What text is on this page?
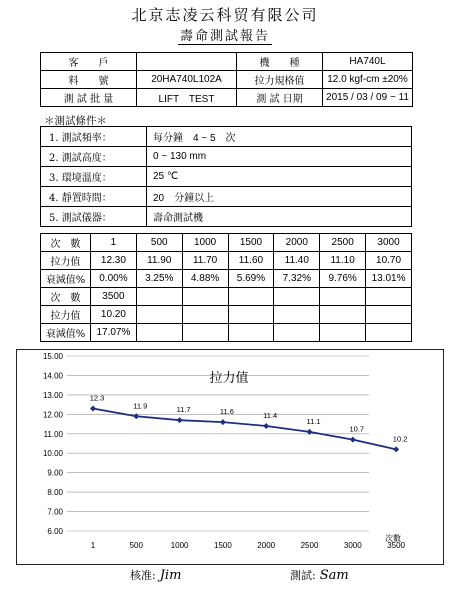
北京志凌云科贸有限公司
壽命測試報告
客　　戶		機　　種	HA740L
料　　號	20HA740L102A	拉力規格值	12.0 kgf-cm ±20%
測 試 批 量	LIFT　TEST	測 試 日期	2015 / 03 / 09 ~ 11
＊測試條件＊
1. 測試頻率：	每分鐘　4 ~ 5　次
2. 測試高度：	0 ~ 130 mm
3. 環境溫度：	25 ℃
4. 靜置時間：	20　分鐘以上
5. 測試儀器：	壽命測試機
次　數	1	500	1000	1500	2000	2500	3000
拉力值	12.30	11.90	11.70	11.60	11.40	11.10	10.70
衰減值%	0.00%	3.25%	4.88%	5.69%	7.32%	9.76%	13.01%
次　數	3500						
拉力值	10.20						
衰減值%	17.07%						
6.00
7.00
8.00
9.00
10.00
11.00
12.00
13.00
14.00
15.00
1	500	1000	1500	2000	2500	3000	3500
次數
拉力值
12.3
11.9	11.7	11.6	11.4
11.1
10.7
10.2
核准: Jim	測試: Sam
